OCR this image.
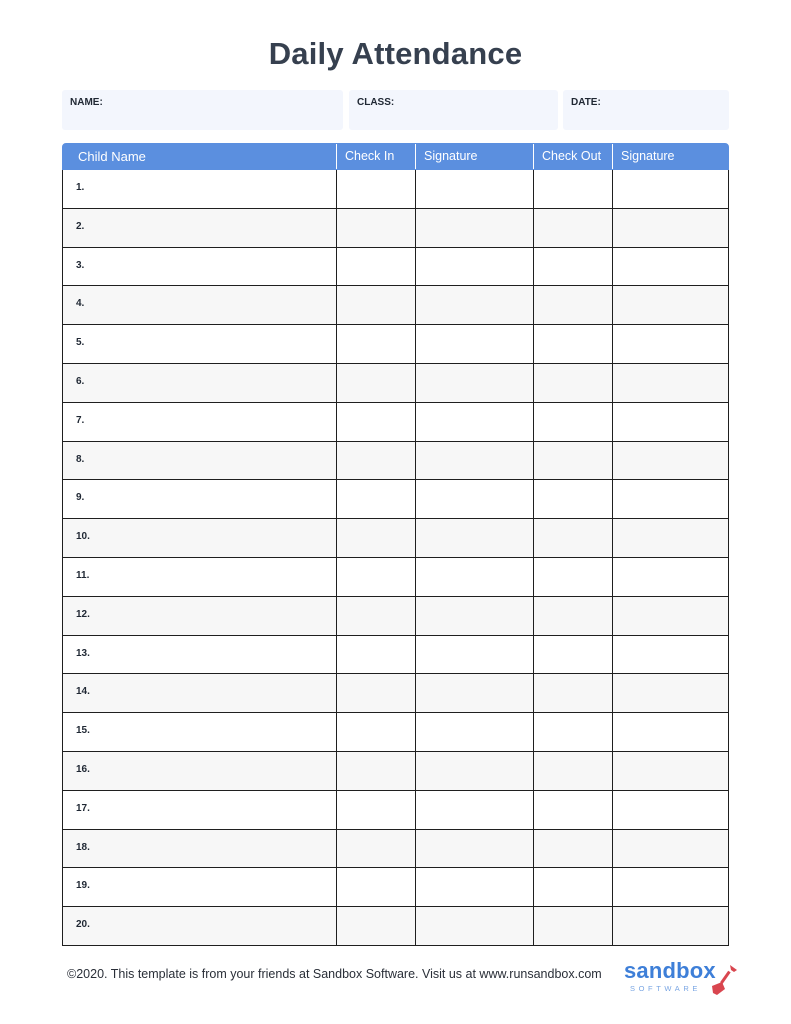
Daily Attendance
NAME:	CLASS:	DATE:
Child Name	Check In	Signature	Check Out	Signature
1.
2.
3.
4.
5.
6.
7.
8.
9.
10.
11.
12.
13.
14.
15.
16.
17.
18.
19.
20.
©2020. This template is from your friends at Sandbox Software. Visit us at www.runsandbox.com sandbox
SOFTWARE
